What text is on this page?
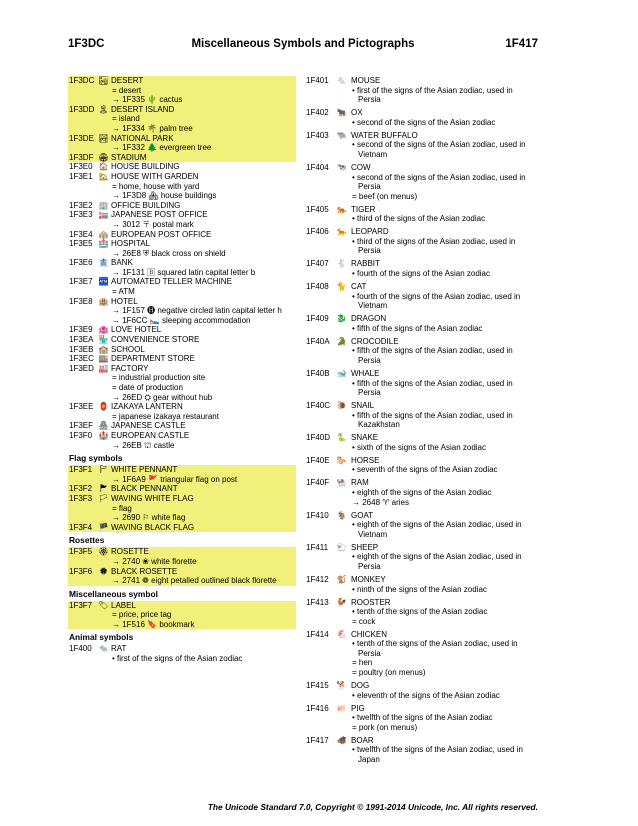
1F3DC	Miscellaneous Symbols and Pictographs	1F417
1F3DC 🏜 DESERT
= desert
→ 1F335 🌵 cactus
1F3DD 🏝 DESERT ISLAND
= island
→ 1F334 🌴 palm tree
1F3DE 🏞 NATIONAL PARK
→ 1F332 🌲 evergreen tree
1F3DF 🏟 STADIUM
1F3E0 🏠 HOUSE BUILDING
1F3E1 🏡 HOUSE WITH GARDEN
= home, house with yard
→ 1F3D8 🏘 house buildings
1F3E2 🏢 OFFICE BUILDING
1F3E3 🏣 JAPANESE POST OFFICE
→ 3012 〒 postal mark
1F3E4 🏤 EUROPEAN POST OFFICE
1F3E5 🏥 HOSPITAL
→ 26E8 ⛨ black cross on shield
1F3E6 🏦 BANK
→ 1F131 🄱 squared latin capital letter b
1F3E7 🏧 AUTOMATED TELLER MACHINE
= ATM
1F3E8 🏨 HOTEL
→ 1F157 🅗 negative circled latin capital letter h
→ 1F6CC 🛌 sleeping accommodation
1F3E9 🏩 LOVE HOTEL
1F3EA 🏪 CONVENIENCE STORE
1F3EB 🏫 SCHOOL
1F3EC 🏬 DEPARTMENT STORE
1F3ED 🏭 FACTORY
= industrial production site
= date of production
→ 26ED ⛭ gear without hub
1F3EE 🏮 IZAKAYA LANTERN
= japanese izakaya restaurant
1F3EF 🏯 JAPANESE CASTLE
1F3F0 🏰 EUROPEAN CASTLE
→ 26EB ⛫ castle
Flag symbols
1F3F1 🏱 WHITE PENNANT
→ 1F6A9 🚩 triangular flag on post
1F3F2 🏲 BLACK PENNANT
1F3F3 🏳 WAVING WHITE FLAG
= flag
→ 2690 ⚐ white flag
1F3F4 🏴 WAVING BLACK FLAG
Rosettes
1F3F5 🏵 ROSETTE
→ 2740 ❀ white florette
1F3F6 🏶 BLACK ROSETTE
→ 2741 ❁ eight petalled outlined black florette
Miscellaneous symbol
1F3F7 🏷 LABEL
= price, price tag
→ 1F516 🔖 bookmark
Animal symbols
1F400 🐀 RAT
• first of the signs of the Asian zodiac
1F401 🐁 MOUSE
• first of the signs of the Asian zodiac, used in Persia
1F402 🐂 OX
• second of the signs of the Asian zodiac
1F403 🐃 WATER BUFFALO
• second of the signs of the Asian zodiac, used in Vietnam
1F404 🐄 COW
• second of the signs of the Asian zodiac, used in Persia
= beef (on menus)
1F405 🐅 TIGER
• third of the signs of the Asian zodiac
1F406 🐆 LEOPARD
• third of the signs of the Asian zodiac, used in Persia
1F407 🐇 RABBIT
• fourth of the signs of the Asian zodiac
1F408 🐈 CAT
• fourth of the signs of the Asian zodiac, used in Vietnam
1F409 🐉 DRAGON
• fifth of the signs of the Asian zodiac
1F40A 🐊 CROCODILE
• fifth of the signs of the Asian zodiac, used in Persia
1F40B 🐋 WHALE
• fifth of the signs of the Asian zodiac, used in Persia
1F40C 🐌 SNAIL
• fifth of the signs of the Asian zodiac, used in Kazakhstan
1F40D 🐍 SNAKE
• sixth of the signs of the Asian zodiac
1F40E 🐎 HORSE
• seventh of the signs of the Asian zodiac
1F40F 🐏 RAM
• eighth of the signs of the Asian zodiac
→ 2648 ♈ aries
1F410 🐐 GOAT
• eighth of the signs of the Asian zodiac, used in Vietnam
1F411 🐑 SHEEP
• eighth of the signs of the Asian zodiac, used in Persia
1F412 🐒 MONKEY
• ninth of the signs of the Asian zodiac
1F413 🐓 ROOSTER
• tenth of the signs of the Asian zodiac
= cock
1F414 🐔 CHICKEN
• tenth of the signs of the Asian zodiac, used in Persia
= hen
= poultry (on menus)
1F415 🐕 DOG
• eleventh of the signs of the Asian zodiac
1F416 🐖 PIG
• twelfth of the signs of the Asian zodiac
= pork (on menus)
1F417 🐗 BOAR
• twelfth of the signs of the Asian zodiac, used in Japan
The Unicode Standard 7.0, Copyright © 1991-2014 Unicode, Inc. All rights reserved.
